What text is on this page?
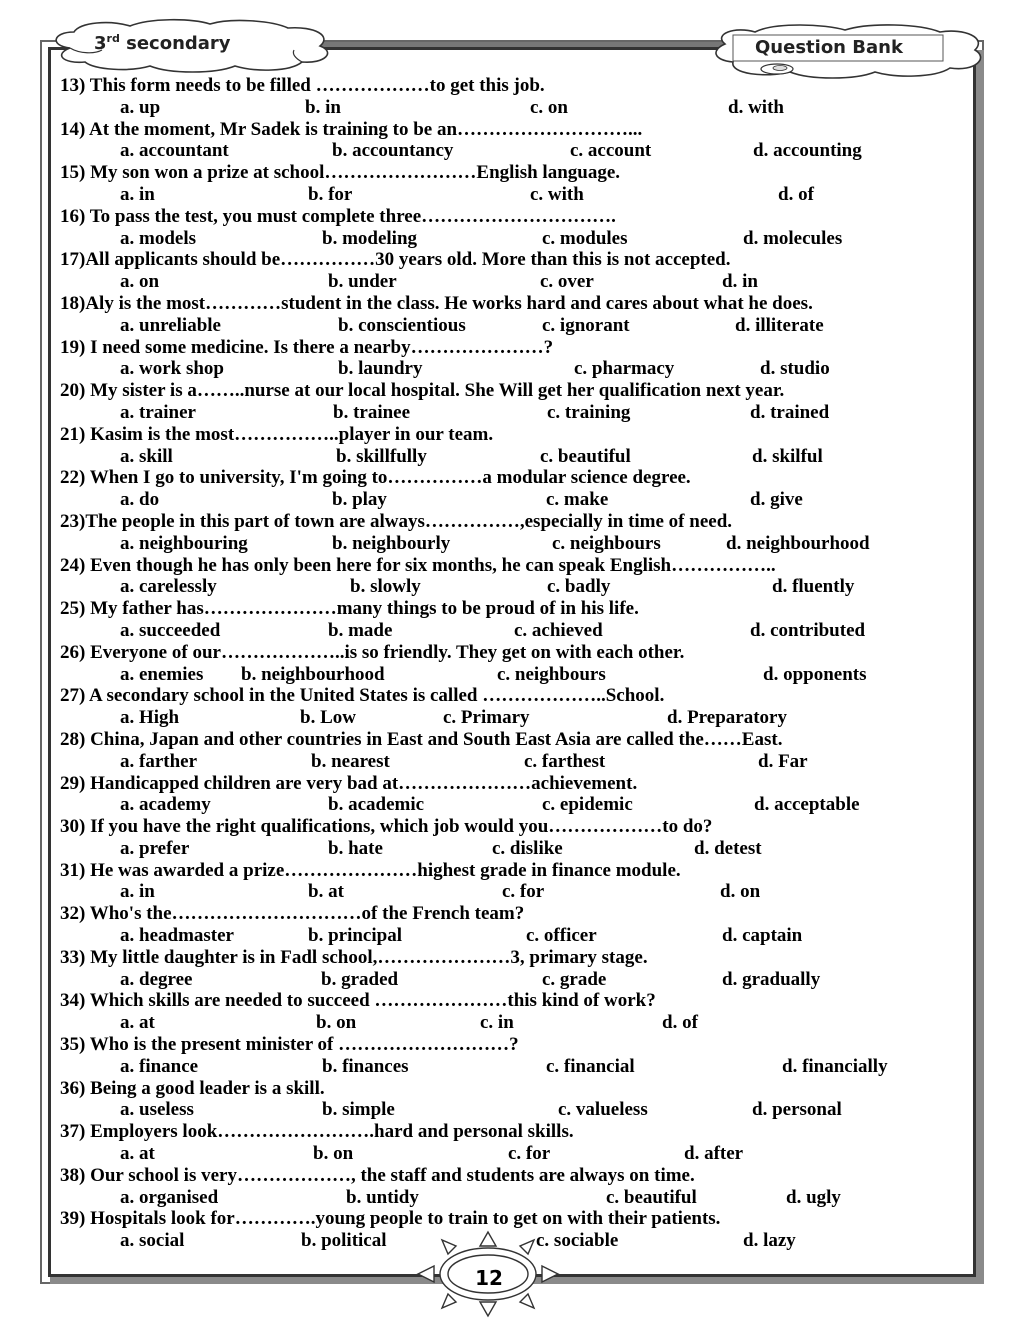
3rd secondary	Question Bank
13) This form needs to be filled ………………to get this job.
a. up	b. in	c. on	d. with
14) At the moment, Mr Sadek is training to be an………………………...
a. accountant	b. accountancy	c. account	d. accounting
15) My son won a prize at school……………………English language.
a. in	b. for	c. with	d. of
16) To pass the test, you must complete three………………………….
a. models	b. modeling	c. modules	d. molecules
17)All applicants should be……………30 years old. More than this is not accepted.
a. on	b. under	c. over	d. in
18)Aly is the most…………student in the class. He works hard and cares about what he does.
a. unreliable	b. conscientious	c. ignorant	d. illiterate
19) I need some medicine. Is there a nearby…………………?
a. work shop	b. laundry	c. pharmacy	d. studio
20) My sister is a……..nurse at our local hospital. She Will get her qualification next year.
a. trainer	b. trainee	c. training	d. trained
21) Kasim is the most……………..player in our team.
a. skill	b. skillfully	c. beautiful	d. skilful
22) When I go to university, I'm going to……………a modular science degree.
a. do	b. play	c. make	d. give
23)The people in this part of town are always……………,especially in time of need.
a. neighbouring	b. neighbourly	c. neighbours	d. neighbourhood
24) Even though he has only been here for six months, he can speak English……………..
a. carelessly	b. slowly	c. badly	d. fluently
25) My father has…………………many things to be proud of in his life.
a. succeeded	b. made	c. achieved	d. contributed
26) Everyone of our………………..is so friendly. They get on with each other.
a. enemies b. neighbourhood	c. neighbours	d. opponents
27) A secondary school in the United States is called ………………..School.
a. High	b. Low	c. Primary	d. Preparatory
28) China, Japan and other countries in East and South East Asia are called the……East.
a. farther	b. nearest	c. farthest	d. Far
29) Handicapped children are very bad at…………………achievement.
a. academy	b. academic	c. epidemic	d. acceptable
30) If you have the right qualifications, which job would you………………to do?
a. prefer	b. hate	c. dislike	d. detest
31) He was awarded a prize…………………highest grade in finance module.
a. in	b. at	c. for	d. on
32) Who's the…………………………of the French team?
a. headmaster	b. principal	c. officer	d. captain
33) My little daughter is in Fadl school,…………………3, primary stage.
a. degree	b. graded	c. grade	d. gradually
34) Which skills are needed to succeed …………………this kind of work?
a. at	b. on	c. in	d. of
35) Who is the present minister of ………………………?
a. finance	b. finances	c. financial	d. financially
36) Being a good leader is a skill.
a. useless	b. simple	c. valueless	d. personal
37) Employers look…………………….hard and personal skills.
a. at	b. on	c. for	d. after
38) Our school is very………………, the staff and students are always on time.
a. organised	b. untidy	c. beautiful	d. ugly
39) Hospitals look for………….young people to train to get on with their patients.
a. social	b. political	c. sociable	d. lazy
12
